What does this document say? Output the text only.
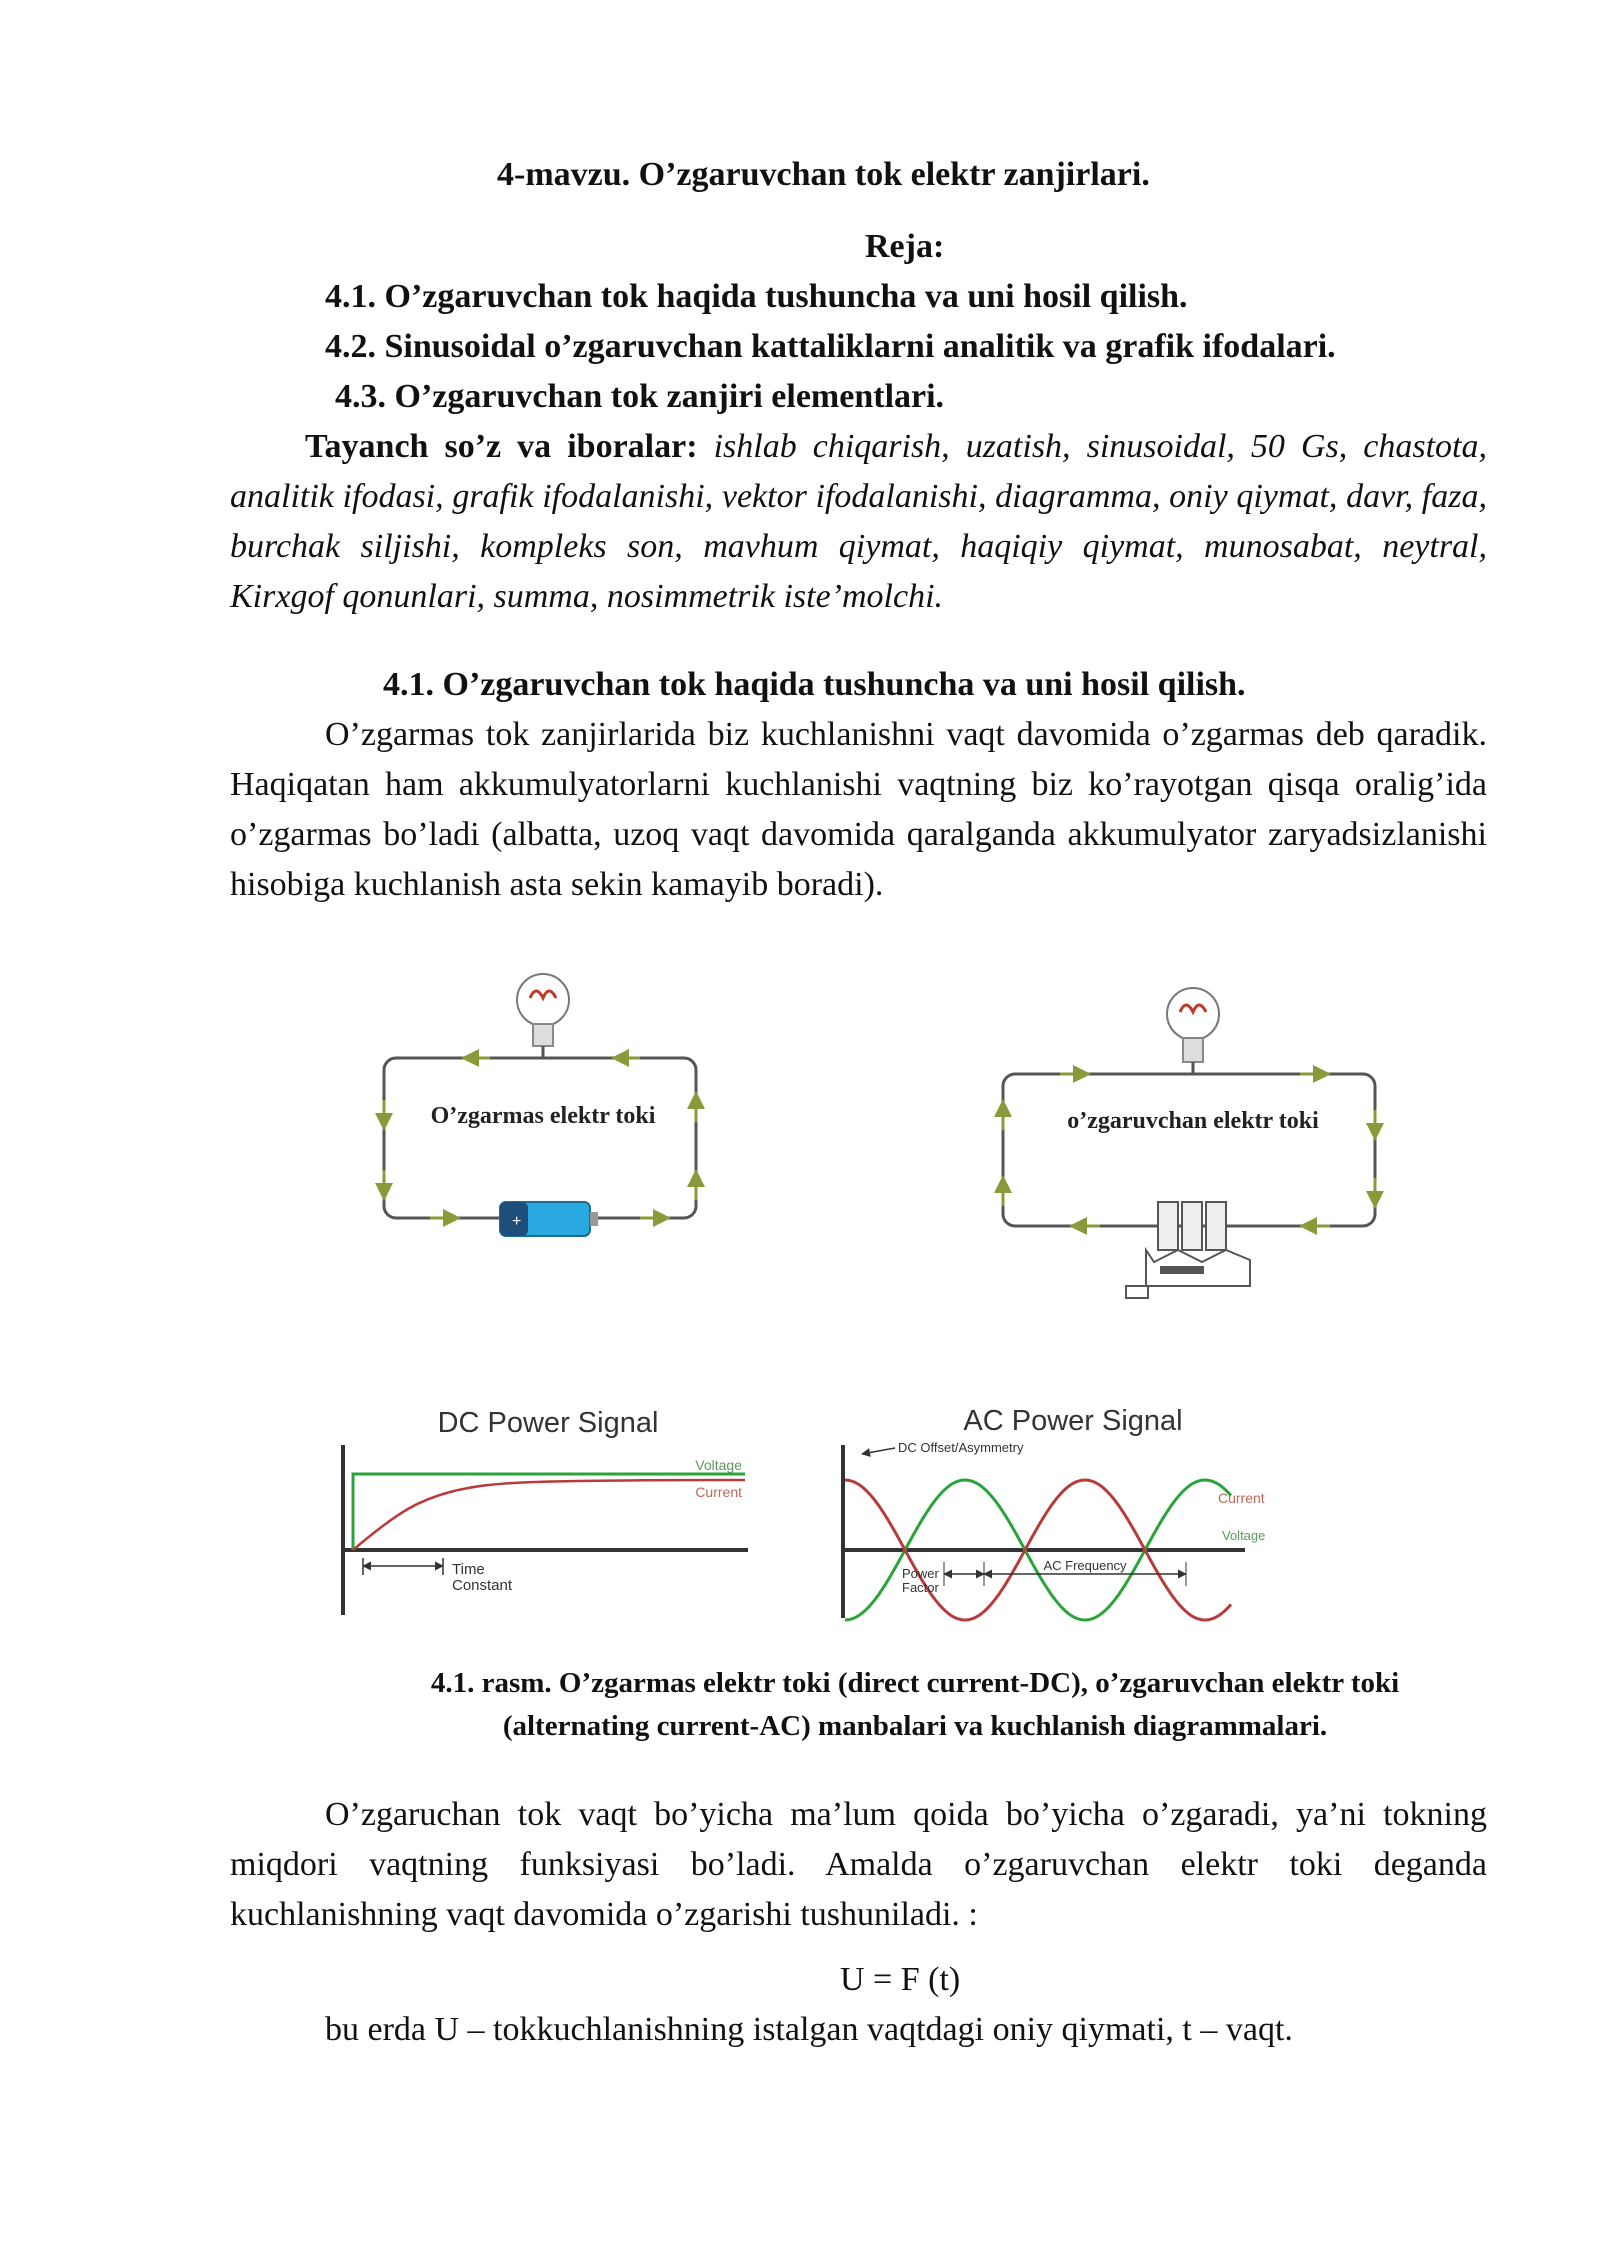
4-mavzu. O’zgaruvchan tok elektr zanjirlari.
Reja:
4.1. O’zgaruvchan tok haqida tushuncha va uni hosil qilish.
4.2. Sinusoidal o’zgaruvchan kattaliklarni analitik va grafik ifodalari.
4.3. O’zgaruvchan tok zanjiri elementlari.
Tayanch so’z va iboralar: ishlab chiqarish, uzatish, sinusoidal, 50 Gs, chastota, analitik ifodasi, grafik ifodalanishi, vektor ifodalanishi, diagramma, oniy qiymat, davr, faza, burchak siljishi, kompleks son, mavhum qiymat, haqiqiy qiymat, munosabat, neytral, Kirxgof qonunlari, summa, nosimmetrik iste’molchi.
4.1. O’zgaruvchan tok haqida tushuncha va uni hosil qilish.
O’zgarmas tok zanjirlarida biz kuchlanishni vaqt davomida o’zgarmas deb qaradik. Haqiqatan ham akkumulyatorlarni kuchlanishi vaqtning biz ko’rayotgan qisqa oralig’ida o’zgarmas bo’ladi (albatta, uzoq vaqt davomida qaralganda akkumulyator zaryadsizlanishi hisobiga kuchlanish asta sekin kamayib boradi).
+
O’zgarmas elektr toki	o’zgaruvchan elektr toki
DC Power Signal
Voltage
Current
Time
Constant
AC Power Signal
DC Offset/Asymmetry
Current
Voltage
Power
Factor
AC Frequency
4.1. rasm. O’zgarmas elektr toki (direct current-DC), o’zgaruvchan elektr toki
(alternating current-AC) manbalari va kuchlanish diagrammalari.
O’zgaruchan tok vaqt bo’yicha ma’lum qoida bo’yicha o’zgaradi, ya’ni tokning miqdori vaqtning funksiyasi bo’ladi. Amalda o’zgaruvchan elektr toki deganda kuchlanishning vaqt davomida o’zgarishi tushuniladi. :
U = F (t)
bu erda U – tokkuchlanishning istalgan vaqtdagi oniy qiymati, t – vaqt.
